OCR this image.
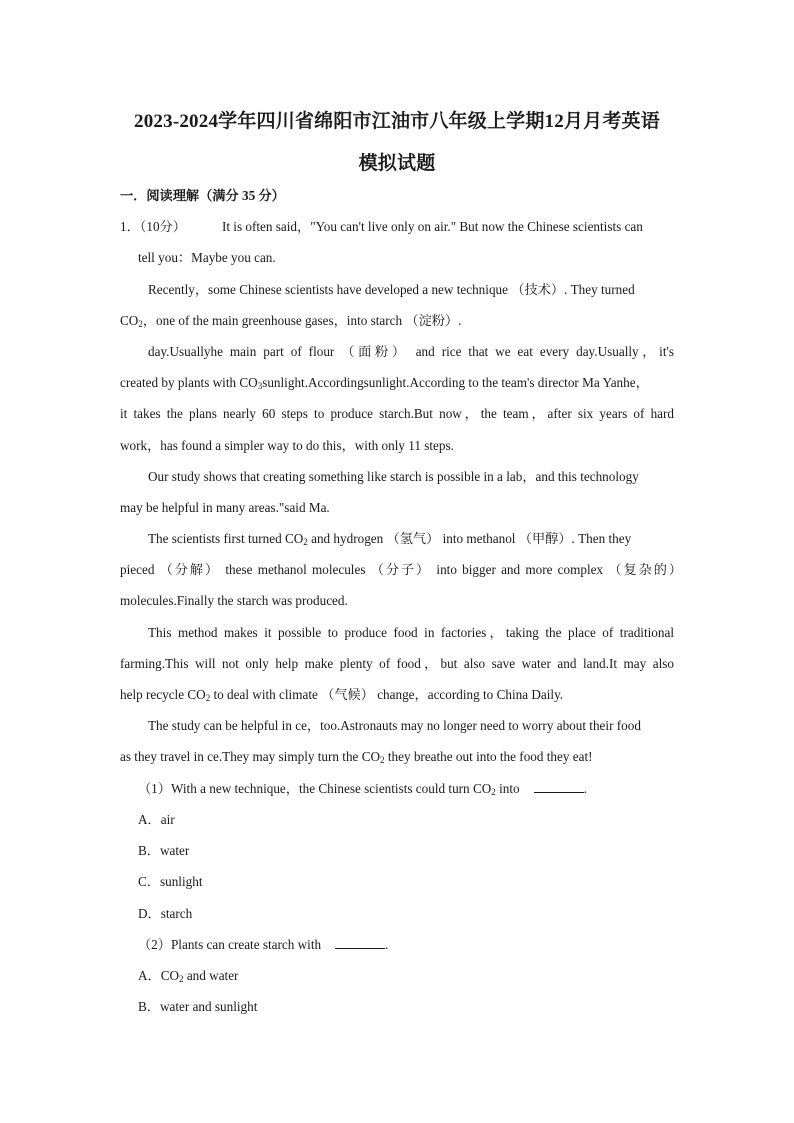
2023-2024学年四川省绵阳市江油市八年级上学期12月月考英语
模拟试题
一．阅读理解（满分 35 分）
1．（10分）	It is often said，"You can't live only on air." But now the Chinese scientists can
tell you：Maybe you can.
Recently，some Chinese scientists have developed a new technique （技术）. They turned
$CO_2$，one of the main greenhouse gases，into starch （淀粉）.
day.Usuallyhe main part of flour （面粉） and rice that we eat every day.Usually，it's
created by plants with $CO_3sunlight.Accordingsunlight.According$ to the team's director Ma Yanhe，
it takes the plans nearly 60 steps to produce starch.But now，the team，after six years of hard
work，has found a simpler way to do this，with only 11 steps.
Our study shows that creating something like starch is possible in a lab，and this technology
may be helpful in many areas."said Ma.
The scientists first turned $CO_2$ and hydrogen （氢气） into methanol （甲醇）. Then they
pieced （分解） these methanol molecules （分子） into bigger and more complex （复杂的）
molecules.Finally the starch was produced.
This method makes it possible to produce food in factories，taking the place of traditional
farming.This will not only help make plenty of food，but also save water and land.It may also
help recycle $CO_2$ to deal with climate （气候） change，according to China Daily.
The study can be helpful in ce，too.Astronauts may no longer need to worry about their food
as they travel in ce.They may simply turn the $CO_2$ they breathe out into the food they eat!
（1）With a new technique，the Chinese scientists could turn $CO_2$ into	.
A．air
B．water
C．sunlight
D．starch
（2）Plants can create starch with	.
A．$CO_2$ and water
B．water and sunlight
